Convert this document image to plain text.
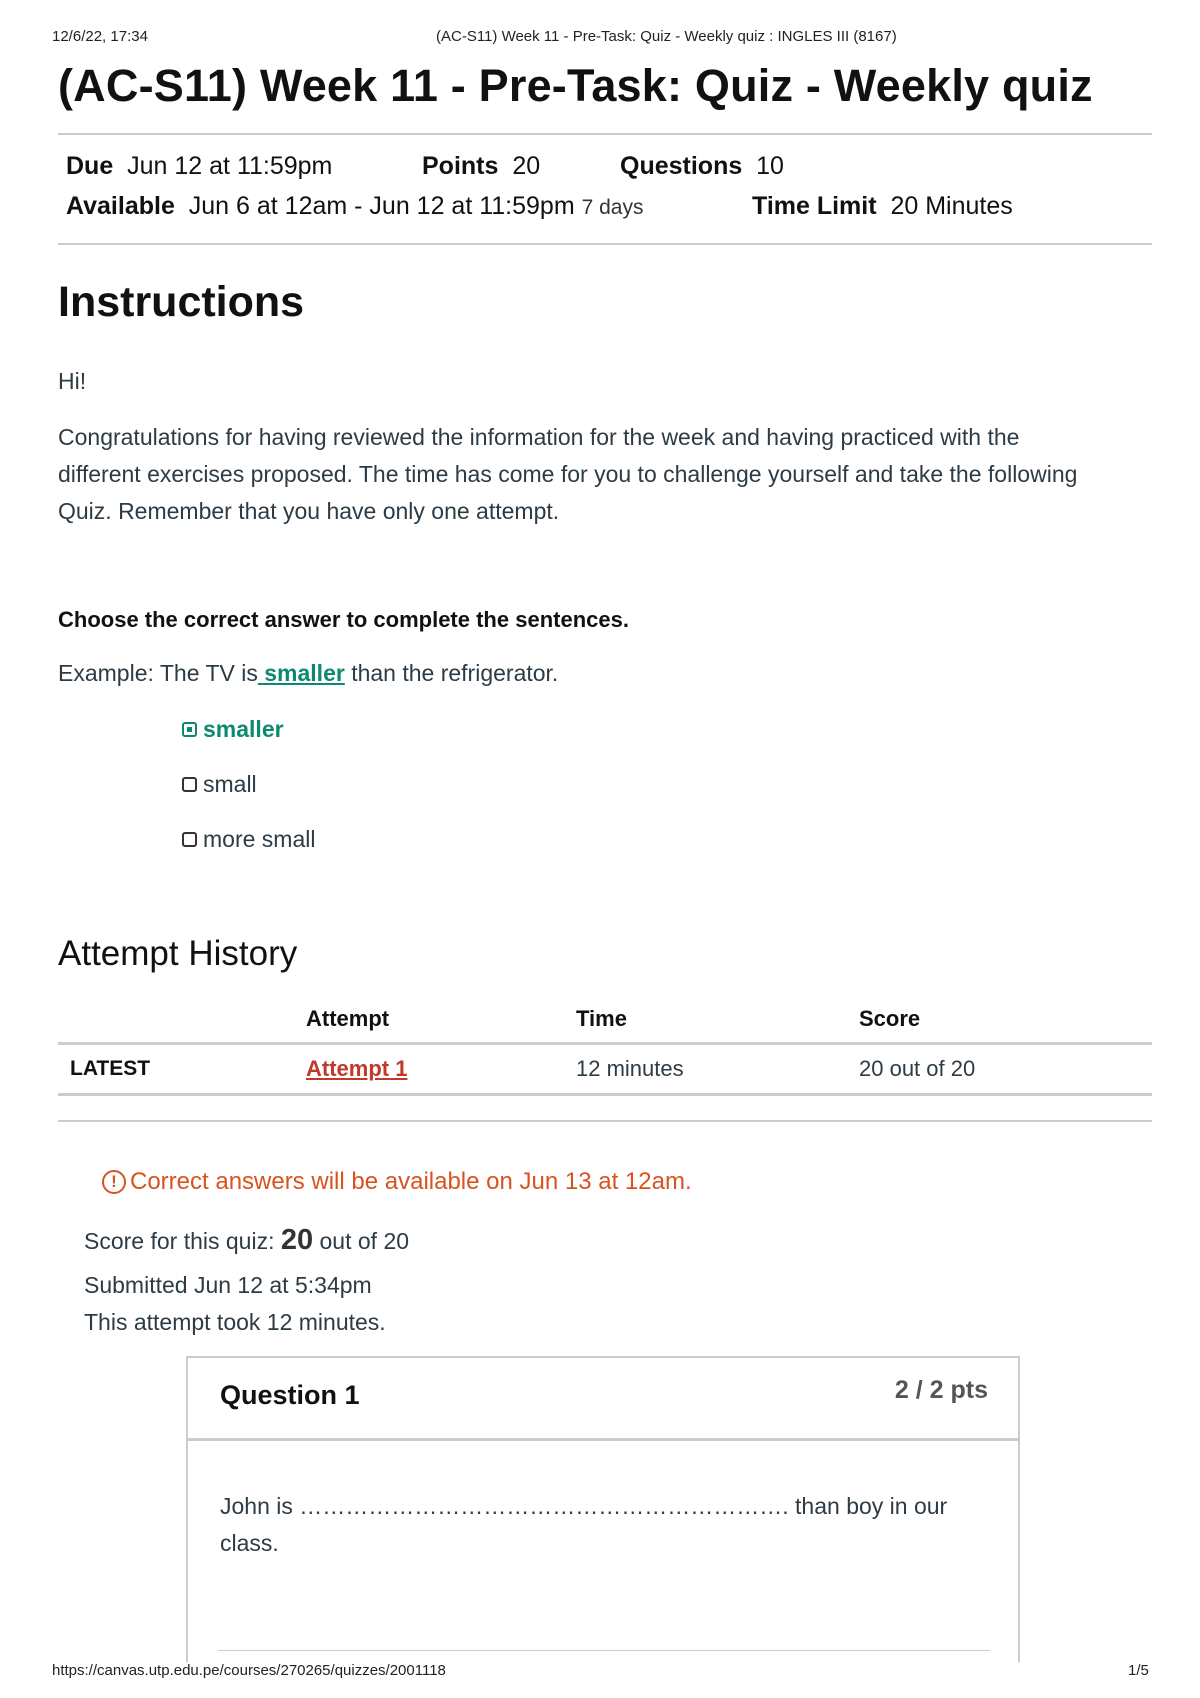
12/6/22, 17:34	(AC-S11) Week 11 - Pre-Task: Quiz - Weekly quiz : INGLES III (8167)
(AC-S11) Week 11 - Pre-Task: Quiz - Weekly quiz
Due Jun 12 at 11:59pm	Points 20	Questions 10
Available Jun 6 at 12am - Jun 12 at 11:59pm 7 days	Time Limit 20 Minutes
Instructions
Hi!
Congratulations for having reviewed the information for the week and having practiced with the
different exercises proposed. The time has come for you to challenge yourself and take the following
Quiz. Remember that you have only one attempt.
Choose the correct answer to complete the sentences.
Example: The TV is smaller than the refrigerator.
smaller
small
more small
Attempt History
	Attempt	Time	Score
LATEST	Attempt 1	12 minutes	20 out of 20
! Correct answers will be available on Jun 13 at 12am.
Score for this quiz: 20 out of 20
Submitted Jun 12 at 5:34pm
This attempt took 12 minutes.
Question 1	2 / 2 pts
John is ………………………………………………………. than boy in our
class.
https://canvas.utp.edu.pe/courses/270265/quizzes/2001118	1/5
